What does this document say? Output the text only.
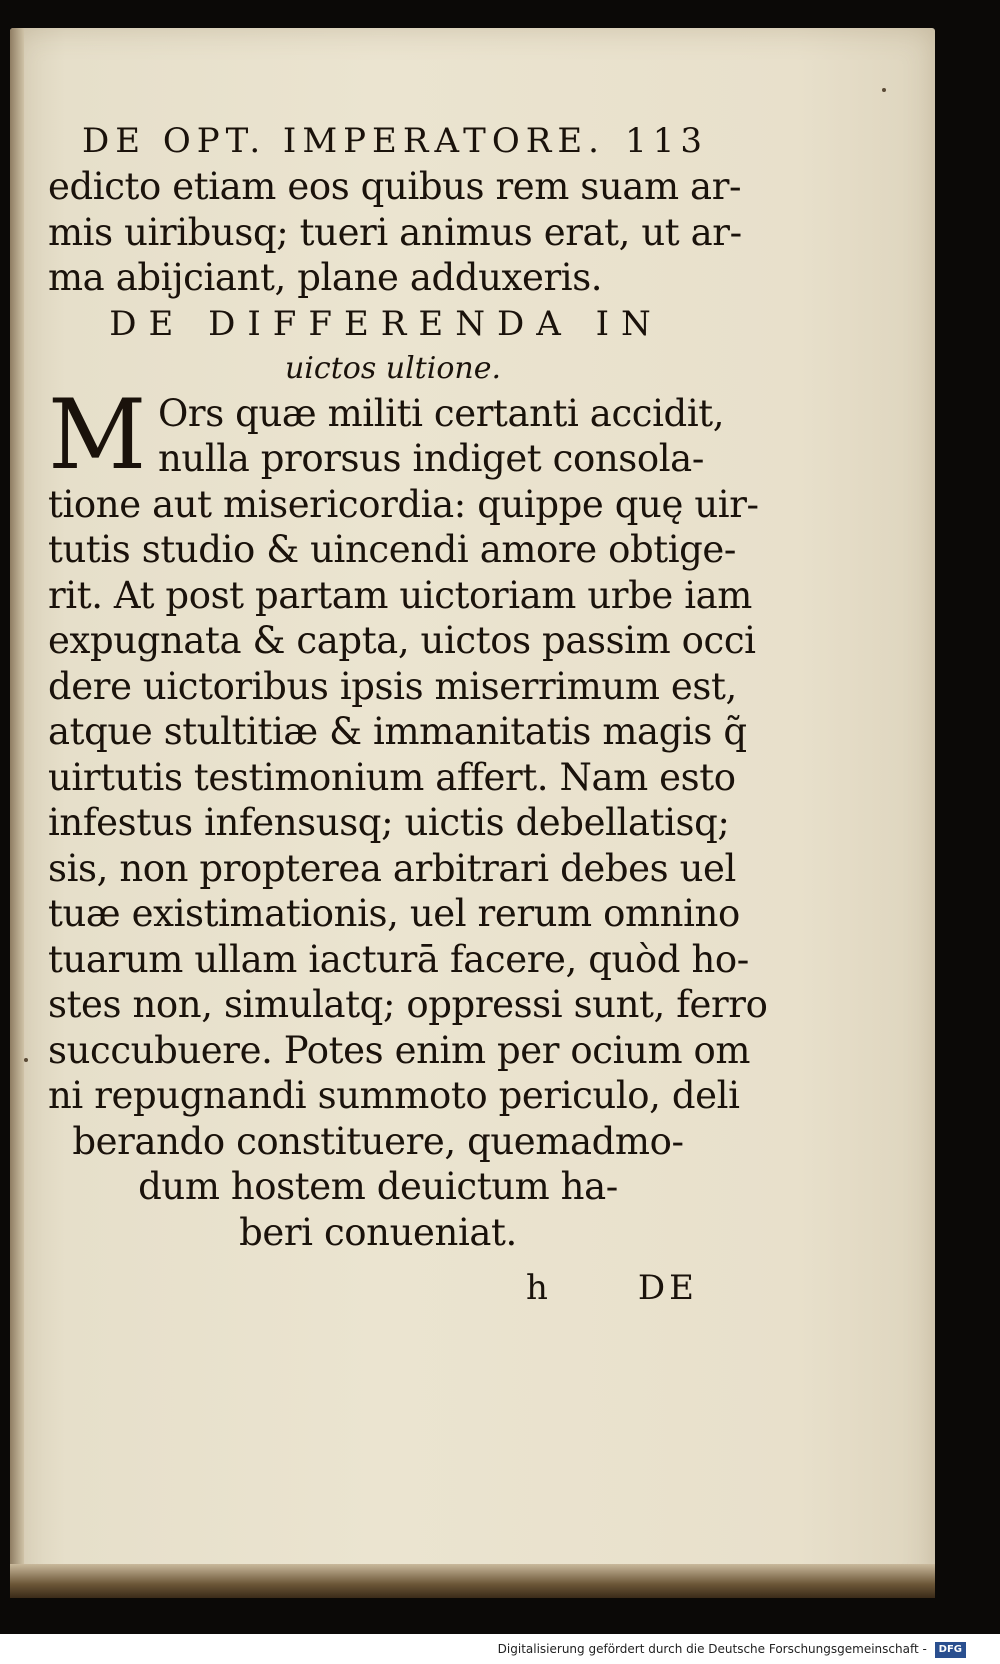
DE OPT. IMPERATORE. 113
edicto etiam eos quibus rem suam ar-
mis uiribusq; tueri animus erat, ut ar-
ma abijciant, plane adduxeris.
DE DIFFERENDA IN
uictos ultione.
M Ors quæ militi certanti accidit,
nulla prorsus indiget consola-
tione aut misericordia: quippe quę uir-
tutis studio & uincendi amore obtige-
rit. At post partam uictoriam urbe iam
expugnata & capta, uictos passim occi
dere uictoribus ipsis miserrimum est,
atque stultitiæ & immanitatis magis q̃
uirtutis testimonium affert. Nam esto
infestus infensusq; uictis debellatisq;
sis, non propterea arbitrari debes uel
tuæ existimationis, uel rerum omnino
tuarum ullam iacturā facere, quòd ho-
stes non, simulatq; oppressi sunt, ferro
succubuere. Potes enim per ocium om
ni repugnandi summoto periculo, deli
berando constituere, quemadmo-
dum hostem deuictum ha-
beri conueniat.
h	DE
Digitalisierung gefördert durch die Deutsche Forschungsgemeinschaft - DFG
